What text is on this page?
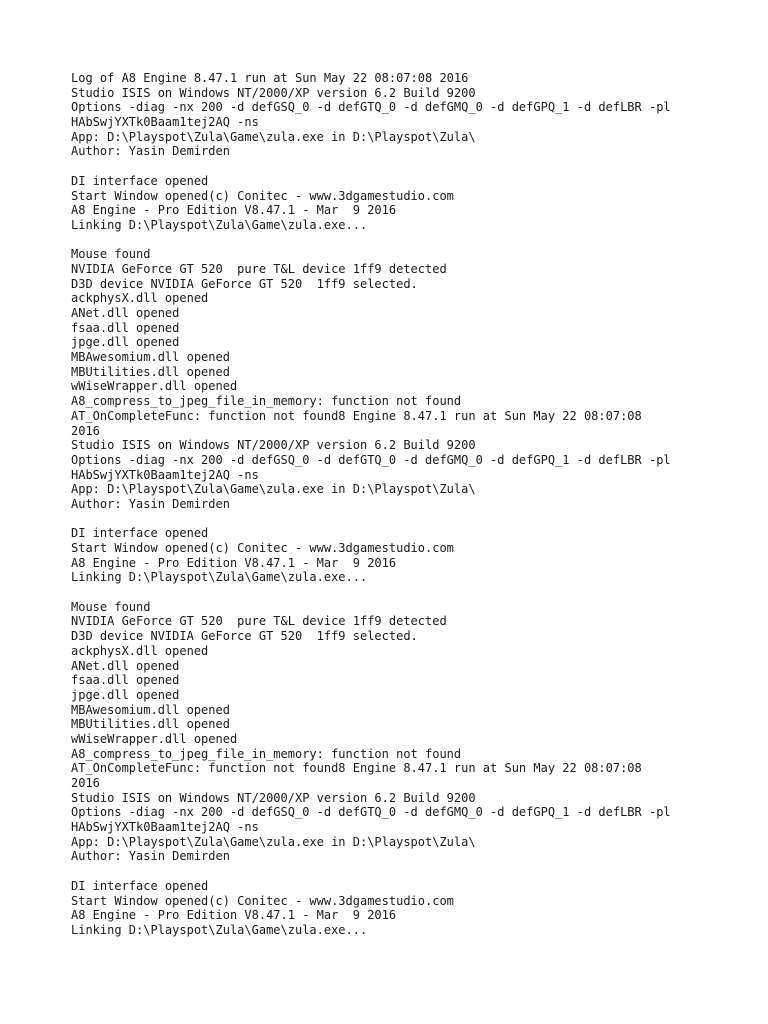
Log of A8 Engine 8.47.1 run at Sun May 22 08:07:08 2016
Studio ISIS on Windows NT/2000/XP version 6.2 Build 9200
Options -diag -nx 200 -d defGSQ_0 -d defGTQ_0 -d defGMQ_0 -d defGPQ_1 -d defLBR -pl
HAbSwjYXTk0Baam1tej2AQ -ns
App: D:\Playspot\Zula\Game\zula.exe in D:\Playspot\Zula\
Author: Yasin Demirden
DI interface opened
Start Window opened(c) Conitec - www.3dgamestudio.com
A8 Engine - Pro Edition V8.47.1 - Mar  9 2016
Linking D:\Playspot\Zula\Game\zula.exe...
Mouse found
NVIDIA GeForce GT 520  pure T&L device 1ff9 detected
D3D device NVIDIA GeForce GT 520  1ff9 selected.
ackphysX.dll opened
ANet.dll opened
fsaa.dll opened
jpge.dll opened
MBAwesomium.dll opened
MBUtilities.dll opened
wWiseWrapper.dll opened
A8_compress_to_jpeg_file_in_memory: function not found
AT_OnCompleteFunc: function not found8 Engine 8.47.1 run at Sun May 22 08:07:08
2016
Studio ISIS on Windows NT/2000/XP version 6.2 Build 9200
Options -diag -nx 200 -d defGSQ_0 -d defGTQ_0 -d defGMQ_0 -d defGPQ_1 -d defLBR -pl
HAbSwjYXTk0Baam1tej2AQ -ns
App: D:\Playspot\Zula\Game\zula.exe in D:\Playspot\Zula\
Author: Yasin Demirden
DI interface opened
Start Window opened(c) Conitec - www.3dgamestudio.com
A8 Engine - Pro Edition V8.47.1 - Mar  9 2016
Linking D:\Playspot\Zula\Game\zula.exe...
Mouse found
NVIDIA GeForce GT 520  pure T&L device 1ff9 detected
D3D device NVIDIA GeForce GT 520  1ff9 selected.
ackphysX.dll opened
ANet.dll opened
fsaa.dll opened
jpge.dll opened
MBAwesomium.dll opened
MBUtilities.dll opened
wWiseWrapper.dll opened
A8_compress_to_jpeg_file_in_memory: function not found
AT_OnCompleteFunc: function not found8 Engine 8.47.1 run at Sun May 22 08:07:08
2016
Studio ISIS on Windows NT/2000/XP version 6.2 Build 9200
Options -diag -nx 200 -d defGSQ_0 -d defGTQ_0 -d defGMQ_0 -d defGPQ_1 -d defLBR -pl
HAbSwjYXTk0Baam1tej2AQ -ns
App: D:\Playspot\Zula\Game\zula.exe in D:\Playspot\Zula\
Author: Yasin Demirden
DI interface opened
Start Window opened(c) Conitec - www.3dgamestudio.com
A8 Engine - Pro Edition V8.47.1 - Mar  9 2016
Linking D:\Playspot\Zula\Game\zula.exe...
